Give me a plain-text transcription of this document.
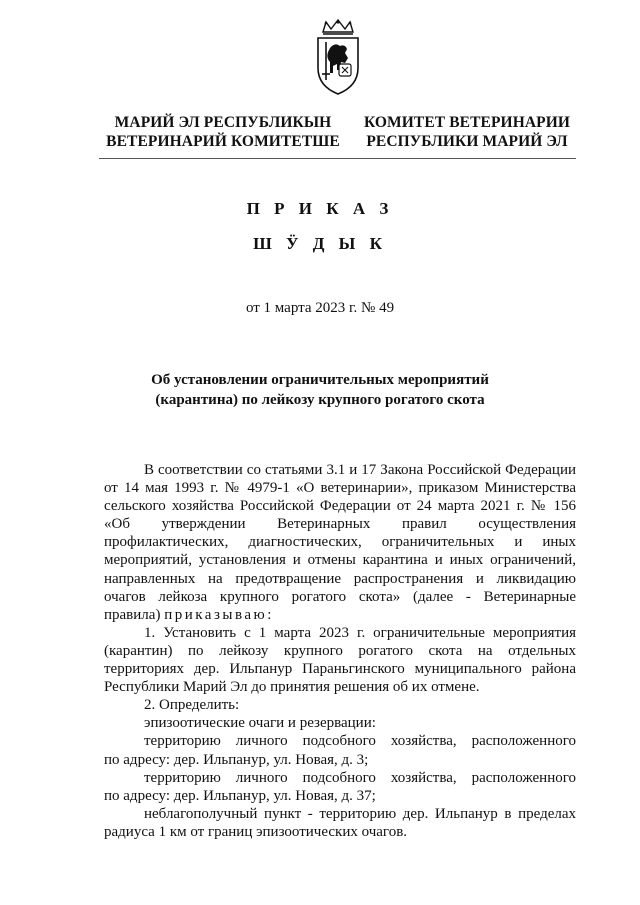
МАРИЙ ЭЛ РЕСПУБЛИКЫН
ВЕТЕРИНАРИЙ КОМИТЕТШЕ
КОМИТЕТ ВЕТЕРИНАРИИ
РЕСПУБЛИКИ МАРИЙ ЭЛ
П Р И К А З
Ш Ӱ Д Ы К
от 1 марта 2023 г. № 49
Об установлении ограничительных мероприятий
(карантина) по лейкозу крупного рогатого скота
В соответствии со статьями 3.1 и 17 Закона Российской Федерации
от 14 мая 1993 г. № 4979-1 «О ветеринарии», приказом Министерства
сельского хозяйства Российской Федерации от 24 марта 2021 г. № 156
«Об утверждении Ветеринарных правил осуществления
профилактических, диагностических, ограничительных и иных
мероприятий, установления и отмены карантина и иных ограничений,
направленных на предотвращение распространения и ликвидацию
очагов лейкоза крупного рогатого скота» (далее - Ветеринарные
правила) приказываю:
1. Установить с 1 марта 2023 г. ограничительные мероприятия
(карантин) по лейкозу крупного рогатого скота на отдельных
территориях дер. Ильпанур Параньгинского муниципального района
Республики Марий Эл до принятия решения об их отмене.
2. Определить:
эпизоотические очаги и резервации:
территорию личного подсобного хозяйства, расположенного
по адресу: дер. Ильпанур, ул. Новая, д. 3;
территорию личного подсобного хозяйства, расположенного
по адресу: дер. Ильпанур, ул. Новая, д. 37;
неблагополучный пункт - территорию дер. Ильпанур в пределах
радиуса 1 км от границ эпизоотических очагов.
